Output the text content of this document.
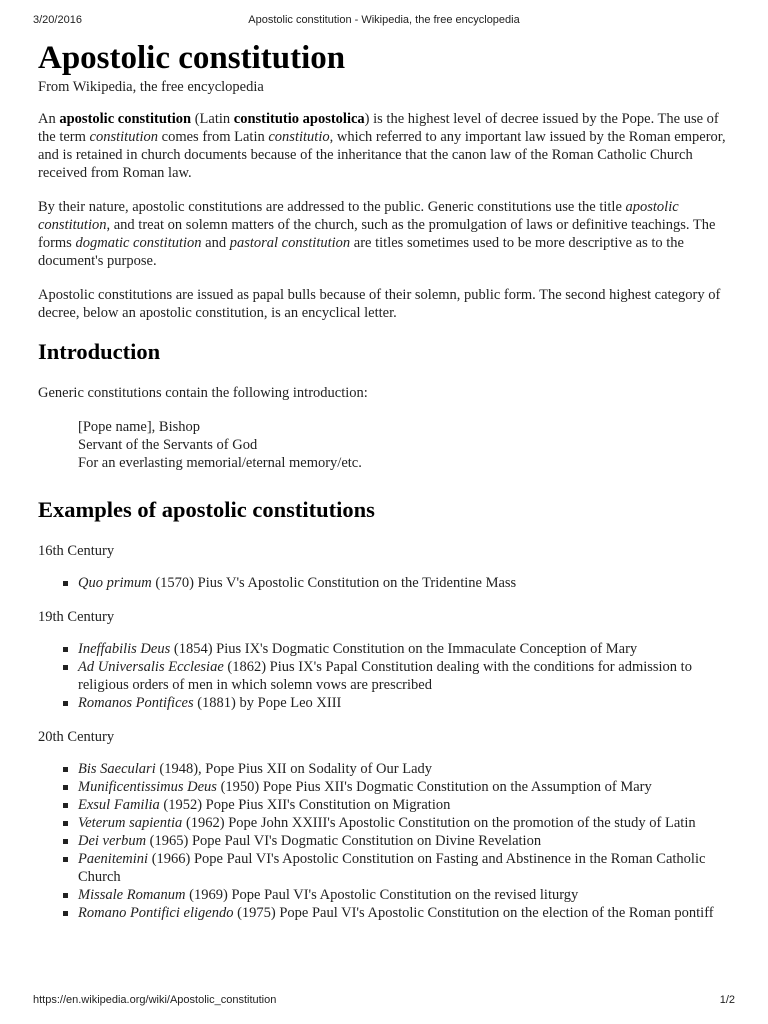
3/20/2016	Apostolic constitution - Wikipedia, the free encyclopedia
Apostolic constitution
From Wikipedia, the free encyclopedia

An apostolic constitution (Latin constitutio apostolica) is the highest level of decree issued by the Pope. The use of the term constitution comes from Latin constitutio, which referred to any important law issued by the Roman emperor, and is retained in church documents because of the inheritance that the canon law of the Roman Catholic Church received from Roman law.

By their nature, apostolic constitutions are addressed to the public. Generic constitutions use the title apostolic constitution, and treat on solemn matters of the church, such as the promulgation of laws or definitive teachings. The forms dogmatic constitution and pastoral constitution are titles sometimes used to be more descriptive as to the document's purpose.

Apostolic constitutions are issued as papal bulls because of their solemn, public form. The second highest category of decree, below an apostolic constitution, is an encyclical letter.

Introduction

Generic constitutions contain the following introduction:

[Pope name], Bishop
Servant of the Servants of God
For an everlasting memorial/eternal memory/etc.
Examples of apostolic constitutions
16th Century
Quo primum (1570) Pius V's Apostolic Constitution on the Tridentine Mass
19th Century
Ineffabilis Deus (1854) Pius IX's Dogmatic Constitution on the Immaculate Conception of Mary
Ad Universalis Ecclesiae (1862) Pius IX's Papal Constitution dealing with the conditions for admission to religious orders of men in which solemn vows are prescribed
Romanos Pontifices (1881) by Pope Leo XIII
20th Century
Bis Saeculari (1948), Pope Pius XII on Sodality of Our Lady
Munificentissimus Deus (1950) Pope Pius XII's Dogmatic Constitution on the Assumption of Mary
Exsul Familia (1952) Pope Pius XII's Constitution on Migration
Veterum sapientia (1962) Pope John XXIII's Apostolic Constitution on the promotion of the study of Latin
Dei verbum (1965) Pope Paul VI's Dogmatic Constitution on Divine Revelation
Paenitemini (1966) Pope Paul VI's Apostolic Constitution on Fasting and Abstinence in the Roman Catholic Church
Missale Romanum (1969) Pope Paul VI's Apostolic Constitution on the revised liturgy
Romano Pontifici eligendo (1975) Pope Paul VI's Apostolic Constitution on the election of the Roman pontiff
https://en.wikipedia.org/wiki/Apostolic_constitution	1/2
